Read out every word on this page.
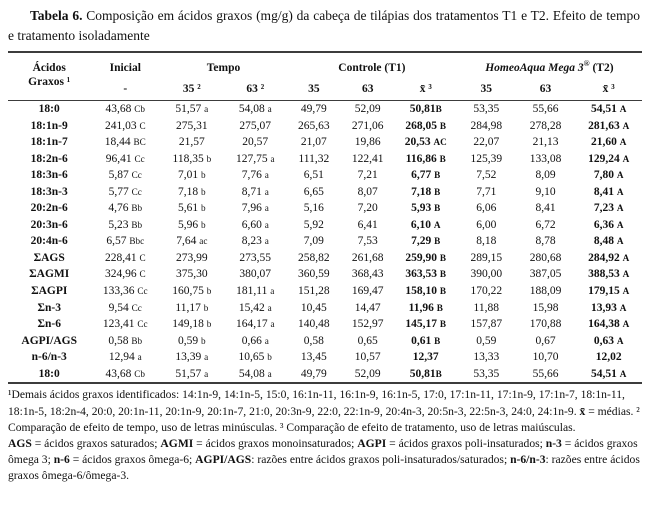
Tabela 6. Composição em ácidos graxos (mg/g) da cabeça de tilápias dos tratamentos T1 e T2. Efeito de tempo e tratamento isoladamente

Ácidos
Graxos ¹	Inicial	Tempo		Controle (T1)			HomeoAqua Mega 3® (T2)		
	-	35 ²	63 ²	35	63	x̄ ³	35	63	x̄ ³
18:0	43,68 Cb	51,57 a	54,08 a	49,79	52,09	50,81B	53,35	55,66	54,51 A
18:1n-9	241,03 C	275,31	275,07	265,63	271,06	268,05 B	284,98	278,28	281,63 A
18:1n-7	18,44 BC	21,57	20,57	21,07	19,86	20,53 AC	22,07	21,13	21,60 A
18:2n-6	96,41 Cc	118,35 b	127,75 a	111,32	122,41	116,86 B	125,39	133,08	129,24 A
18:3n-6	5,87 Cc	7,01 b	7,76 a	6,51	7,21	6,77 B	7,52	8,09	7,80 A
18:3n-3	5,77 Cc	7,18 b	8,71 a	6,65	8,07	7,18 B	7,71	9,10	8,41 A
20:2n-6	4,76 Bb	5,61 b	7,96 a	5,16	7,20	5,93 B	6,06	8,41	7,23 A
20:3n-6	5,23 Bb	5,96 b	6,60 a	5,92	6,41	6,10 A	6,00	6,72	6,36 A
20:4n-6	6,57 Bbc	7,64 ac	8,23 a	7,09	7,53	7,29 B	8,18	8,78	8,48 A
ΣAGS	228,41 C	273,99	273,55	258,82	261,68	259,90 B	289,15	280,68	284,92 A
ΣAGMI	324,96 C	375,30	380,07	360,59	368,43	363,53 B	390,00	387,05	388,53 A
ΣAGPI	133,36 Cc	160,75 b	181,11 a	151,28	169,47	158,10 B	170,22	188,09	179,15 A
Σn-3	9,54 Cc	11,17 b	15,42 a	10,45	14,47	11,96 B	11,88	15,98	13,93 A
Σn-6	123,41 Cc	149,18 b	164,17 a	140,48	152,97	145,17 B	157,87	170,88	164,38 A
AGPI/AGS	0,58 Bb	0,59 b	0,66 a	0,58	0,65	0,61 B	0,59	0,67	0,63 A
n-6/n-3	12,94 a	13,39 a	10,65 b	13,45	10,57	12,37	13,33	10,70	12,02
18:0	43,68 Cb	51,57 a	54,08 a	49,79	52,09	50,81B	53,35	55,66	54,51 A

¹Demais ácidos graxos identificados: 14:1n-9, 14:1n-5, 15:0, 16:1n-11, 16:1n-9, 16:1n-5, 17:0, 17:1n-11, 17:1n-9, 17:1n-7, 18:1n-11, 18:1n-5, 18:2n-4, 20:0, 20:1n-11, 20:1n-9, 20:1n-7, 21:0, 20:3n-9, 22:0, 22:1n-9, 20:4n-3, 20:5n-3, 22:5n-3, 24:0, 24:1n-9. x̄ = médias. ² Comparação de efeito de tempo, uso de letras minúsculas. ³ Comparação de efeito de tratamento, uso de letras maiúsculas.

AGS = ácidos graxos saturados; AGMI = ácidos graxos monoinsaturados; AGPI = ácidos graxos poli-insaturados; n-3 = ácidos graxos ômega 3; n-6 = ácidos graxos ômega-6; AGPI/AGS: razões entre ácidos graxos poli-insaturados/saturados; n-6/n-3: razões entre ácidos graxos ômega-6/ômega-3.
